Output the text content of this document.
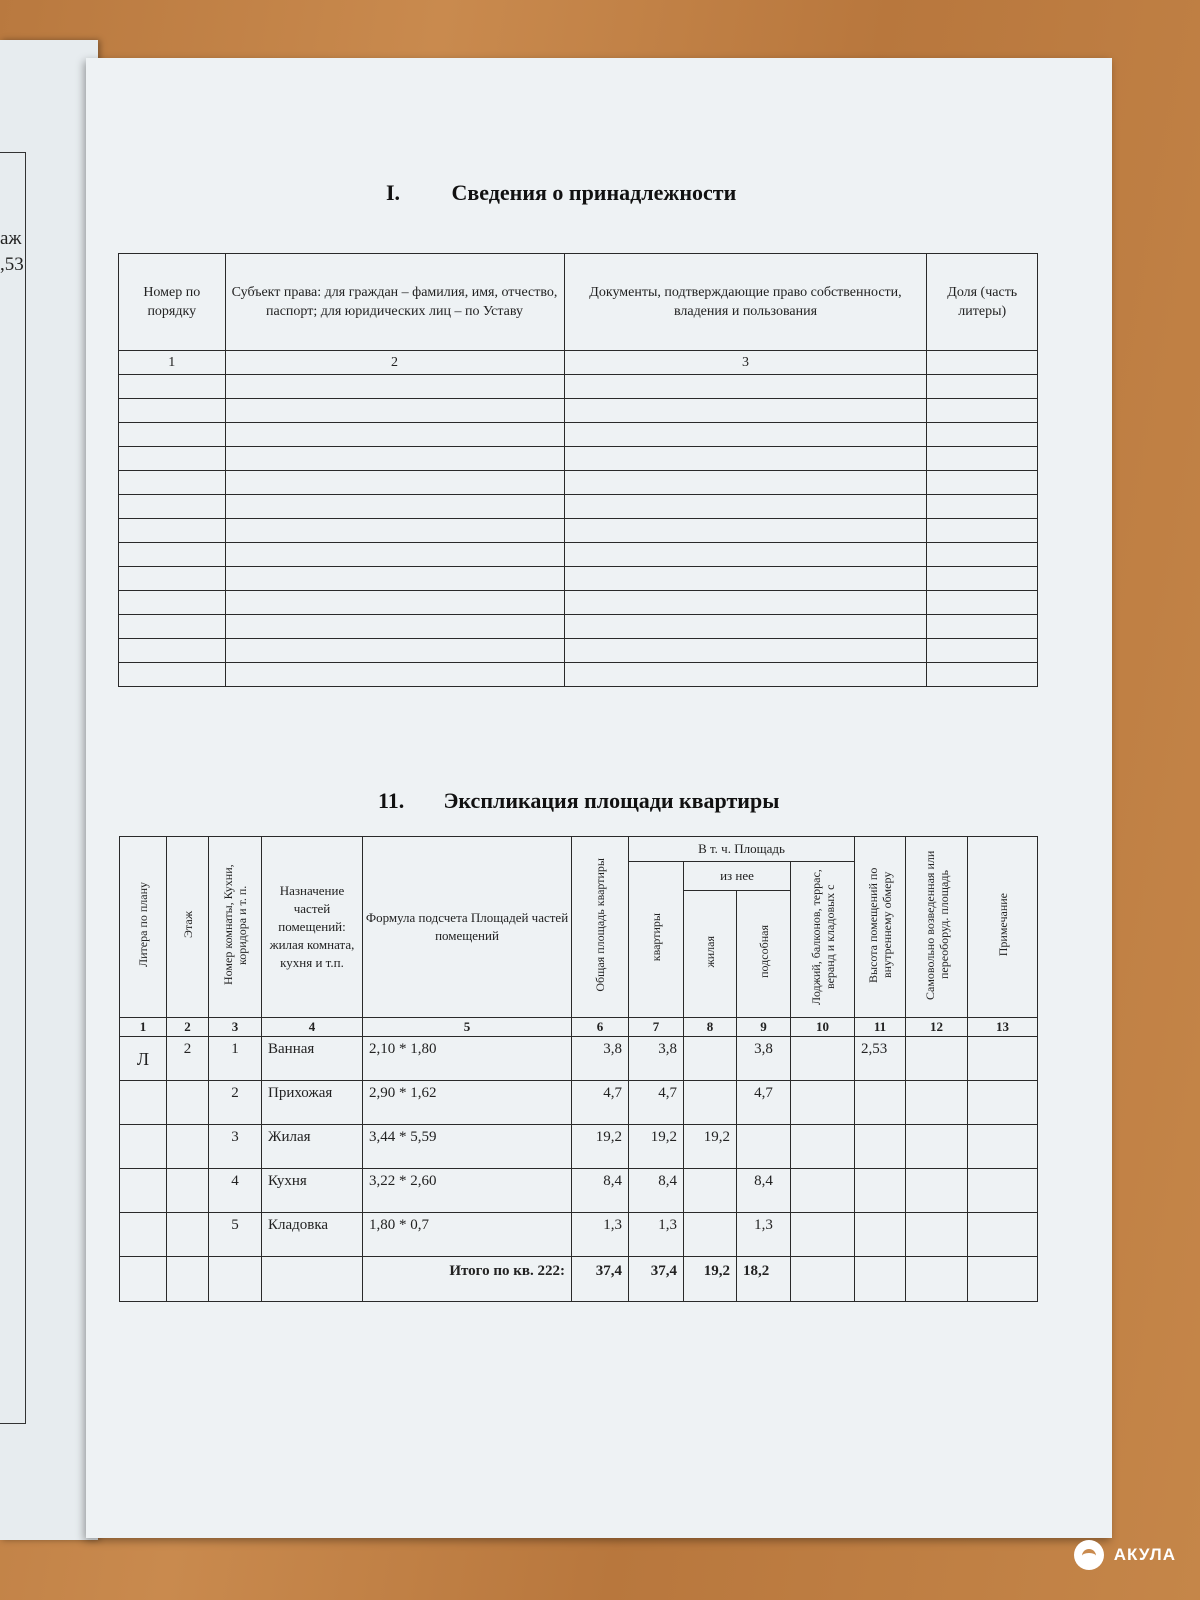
аж
,53
I. Сведения о принадлежности
Номер по порядку	Субъект права: для граждан – фамилия, имя, отчество, паспорт; для юридических лиц – по Уставу	Документы, подтверждающие право собственности, владения и пользования	Доля (часть литеры)
1	2	3	

11. Экспликация площади квартиры
Литера по плану	Этаж	Номер комнаты, Кухни, коридора и т. п.	Назначение частей помещений: жилая комната, кухня и т.п.	Формула подсчета Площадей частей помещений	Общая площадь квартиры	В т. ч. Площадь				Высота помещений по внутреннему обмеру	Самовольно возведенная или переоборуд. площадь	Примечание
						квартиры	из нее		Лоджий, балконов, террас, веранд и кладовых с			
							жилая	подсобная				
1	2	3	4	5	6	7	8	9	10	11	12	13

Л	2	1	Ванная	2,10 * 1,80	3,8	3,8		3,8		2,53		
		2	Прихожая	2,90 * 1,62	4,7	4,7		4,7				
		3	Жилая	3,44 * 5,59	19,2	19,2	19,2					
		4	Кухня	3,22 * 2,60	8,4	8,4		8,4				
		5	Кладовка	1,80 * 0,7	1,3	1,3		1,3				
				Итого по кв. 222:	37,4	37,4	19,2	18,2				
АКУЛА
